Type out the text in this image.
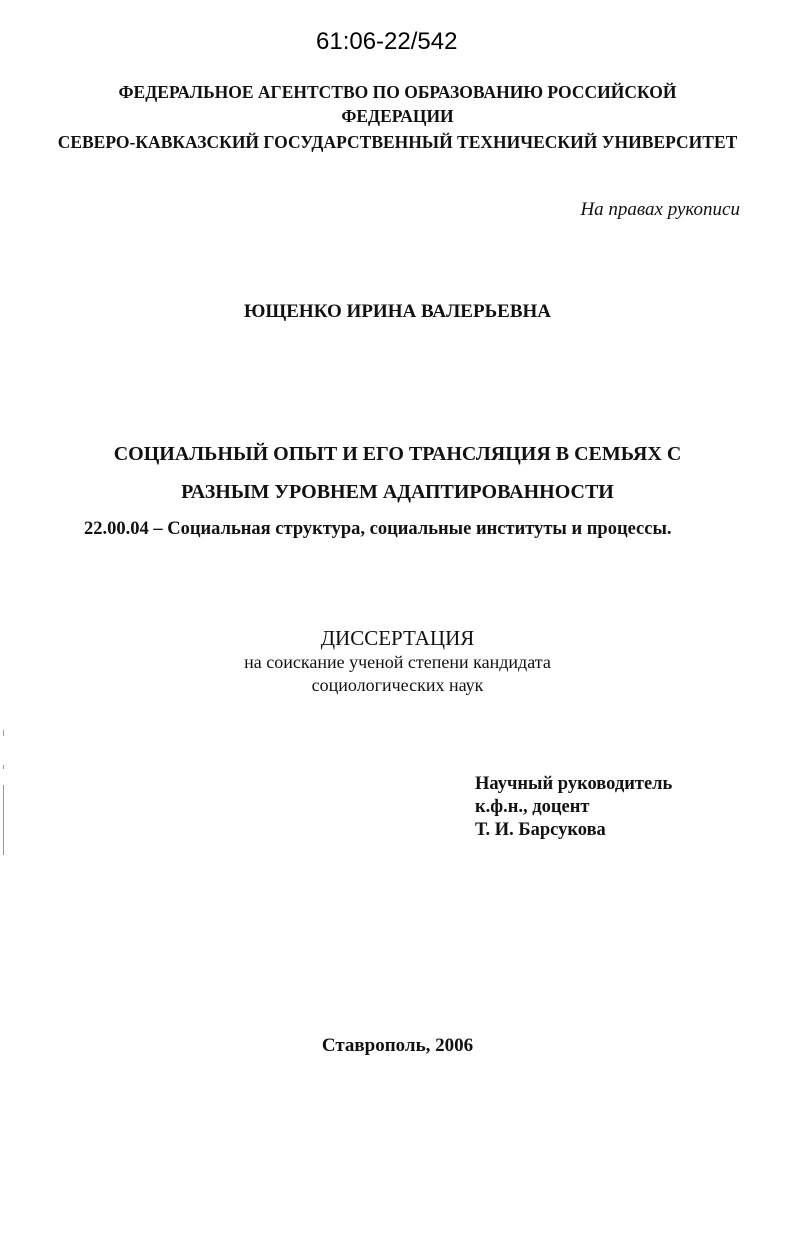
61:06-22/542
ФЕДЕРАЛЬНОЕ АГЕНТСТВО ПО ОБРАЗОВАНИЮ РОССИЙСКОЙ
ФЕДЕРАЦИИ
СЕВЕРО-КАВКАЗСКИЙ ГОСУДАРСТВЕННЫЙ ТЕХНИЧЕСКИЙ УНИВЕРСИТЕТ
На правах рукописи
ЮЩЕНКО ИРИНА ВАЛЕРЬЕВНА
СОЦИАЛЬНЫЙ ОПЫТ И ЕГО ТРАНСЛЯЦИЯ В СЕМЬЯХ С
РАЗНЫМ УРОВНЕМ АДАПТИРОВАННОСТИ
22.00.04 – Социальная структура, социальные институты и процессы.
ДИССЕРТАЦИЯ
на соискание ученой степени кандидата
социологических наук
Научный руководитель
к.ф.н., доцент
Т. И. Барсукова
Ставрополь, 2006
